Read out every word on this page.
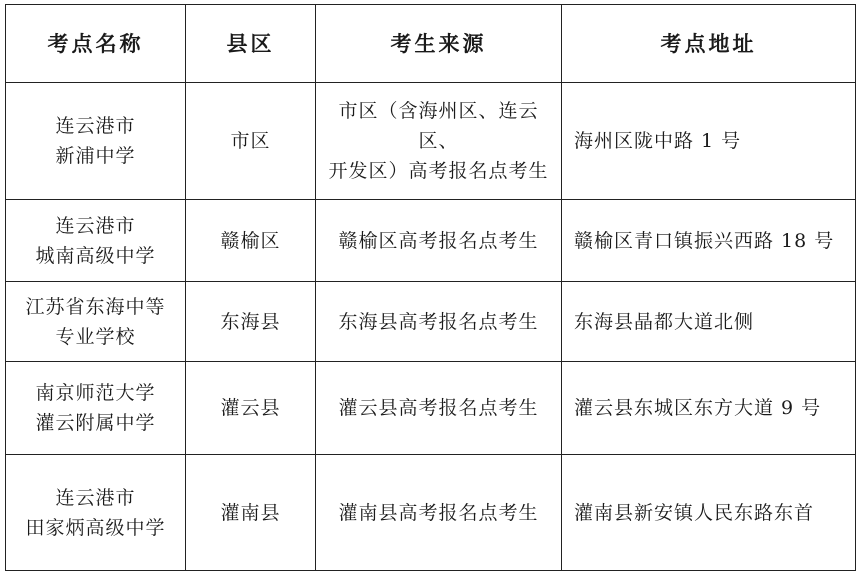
考点名称	县区	考生来源	考点地址

连云港市
新浦中学	市区	市区（含海州区、连云区、
开发区）高考报名点考生	海州区陇中路 1 号

连云港市
城南高级中学	赣榆区	赣榆区高考报名点考生	赣榆区青口镇振兴西路 18 号

江苏省东海中等
专业学校	东海县	东海县高考报名点考生	东海县晶都大道北侧

南京师范大学
灌云附属中学	灌云县	灌云县高考报名点考生	灌云县东城区东方大道 9 号

连云港市
田家炳高级中学	灌南县	灌南县高考报名点考生	灌南县新安镇人民东路东首
